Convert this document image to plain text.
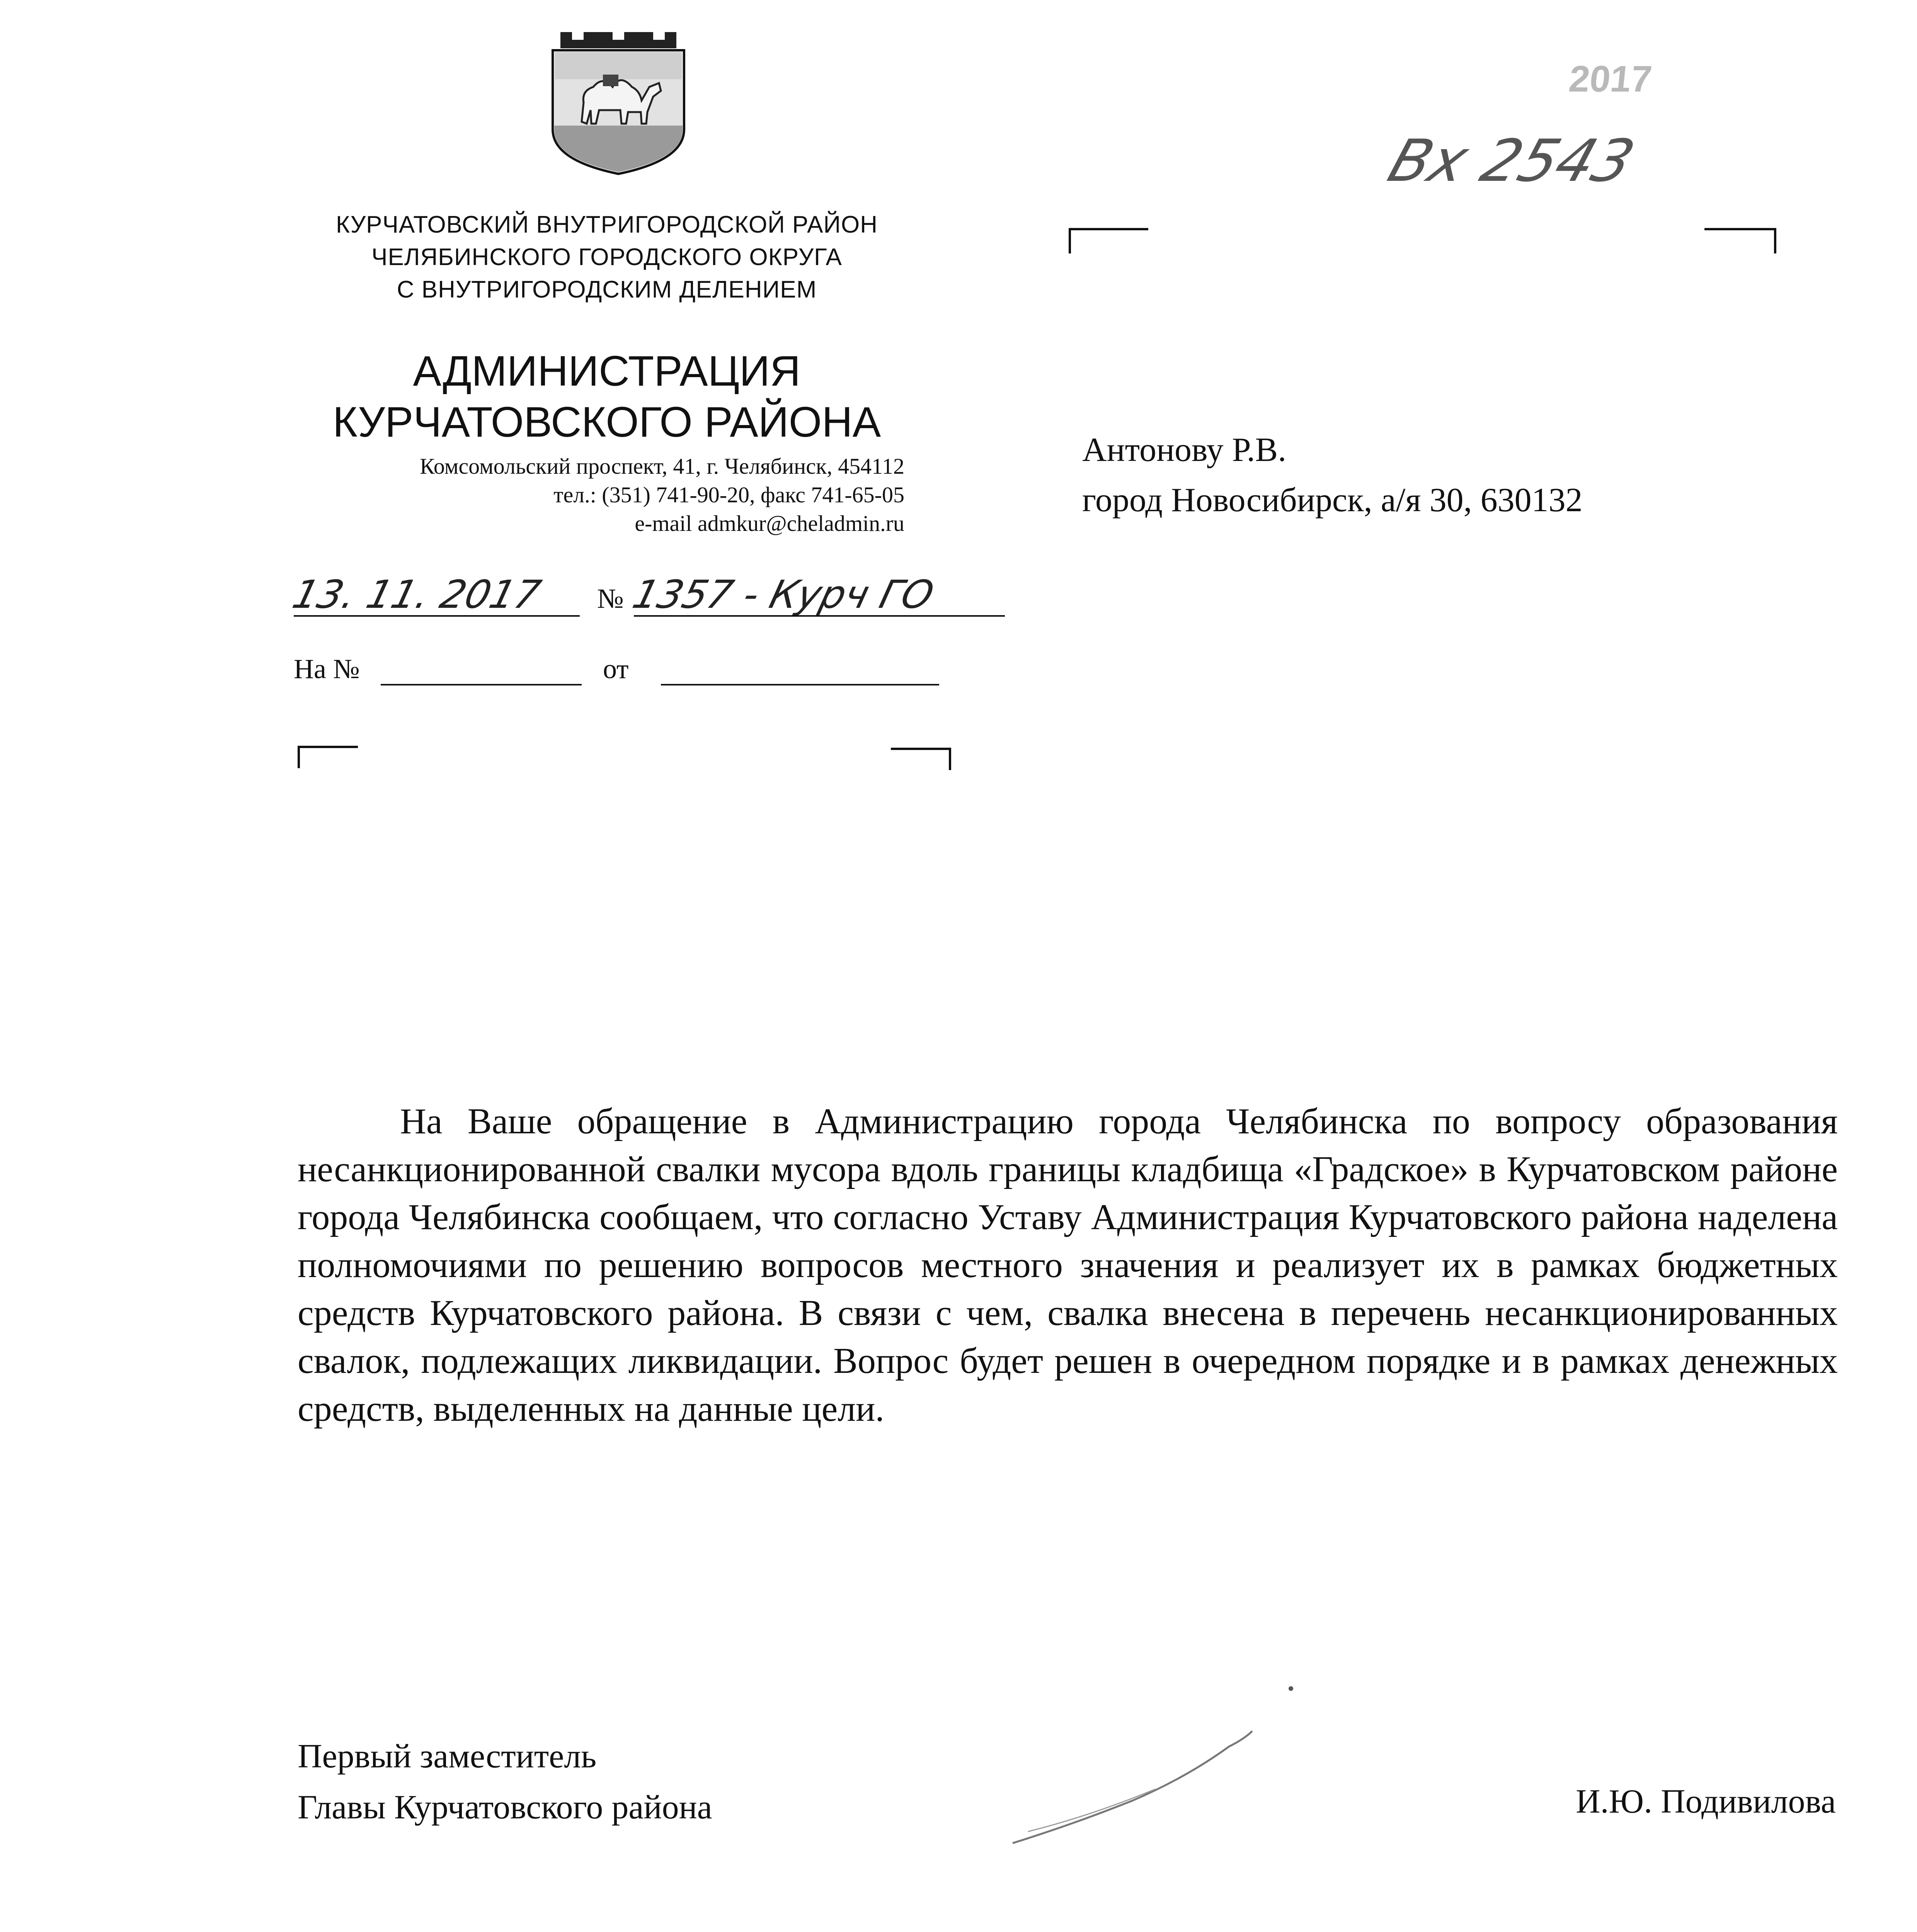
КУРЧАТОВСКИЙ ВНУТРИГОРОДСКОЙ РАЙОН
ЧЕЛЯБИНСКОГО ГОРОДСКОГО ОКРУГА
С ВНУТРИГОРОДСКИМ ДЕЛЕНИЕМ
АДМИНИСТРАЦИЯ
КУРЧАТОВСКОГО РАЙОНА
Комсомольский проспект, 41, г. Челябинск, 454112
тел.: (351) 741-90-20, факс 741-65-05
e-mail admkur@cheladmin.ru
13. 11. 2017 № 1357 - Курч ГО
На №	от
2017
Вх 2543
Антонову Р.В.
город Новосибирск, а/я 30, 630132
На Ваше обращение в Администрацию города Челябинска по вопросу образования несанкционированной свалки мусора вдоль границы кладбища «Градское» в Курчатовском районе города Челябинска сообщаем, что согласно Уставу Администрация Курчатовского района наделена полномочиями по решению вопросов местного значения и реализует их в рамках бюджетных средств Курчатовского района. В связи с чем, свалка внесена в перечень несанкционированных свалок, подлежащих ликвидации. Вопрос будет решен в очередном порядке и в рамках денежных средств, выделенных на данные цели.
Первый заместитель
Главы Курчатовского района	И.Ю. Подивилова
